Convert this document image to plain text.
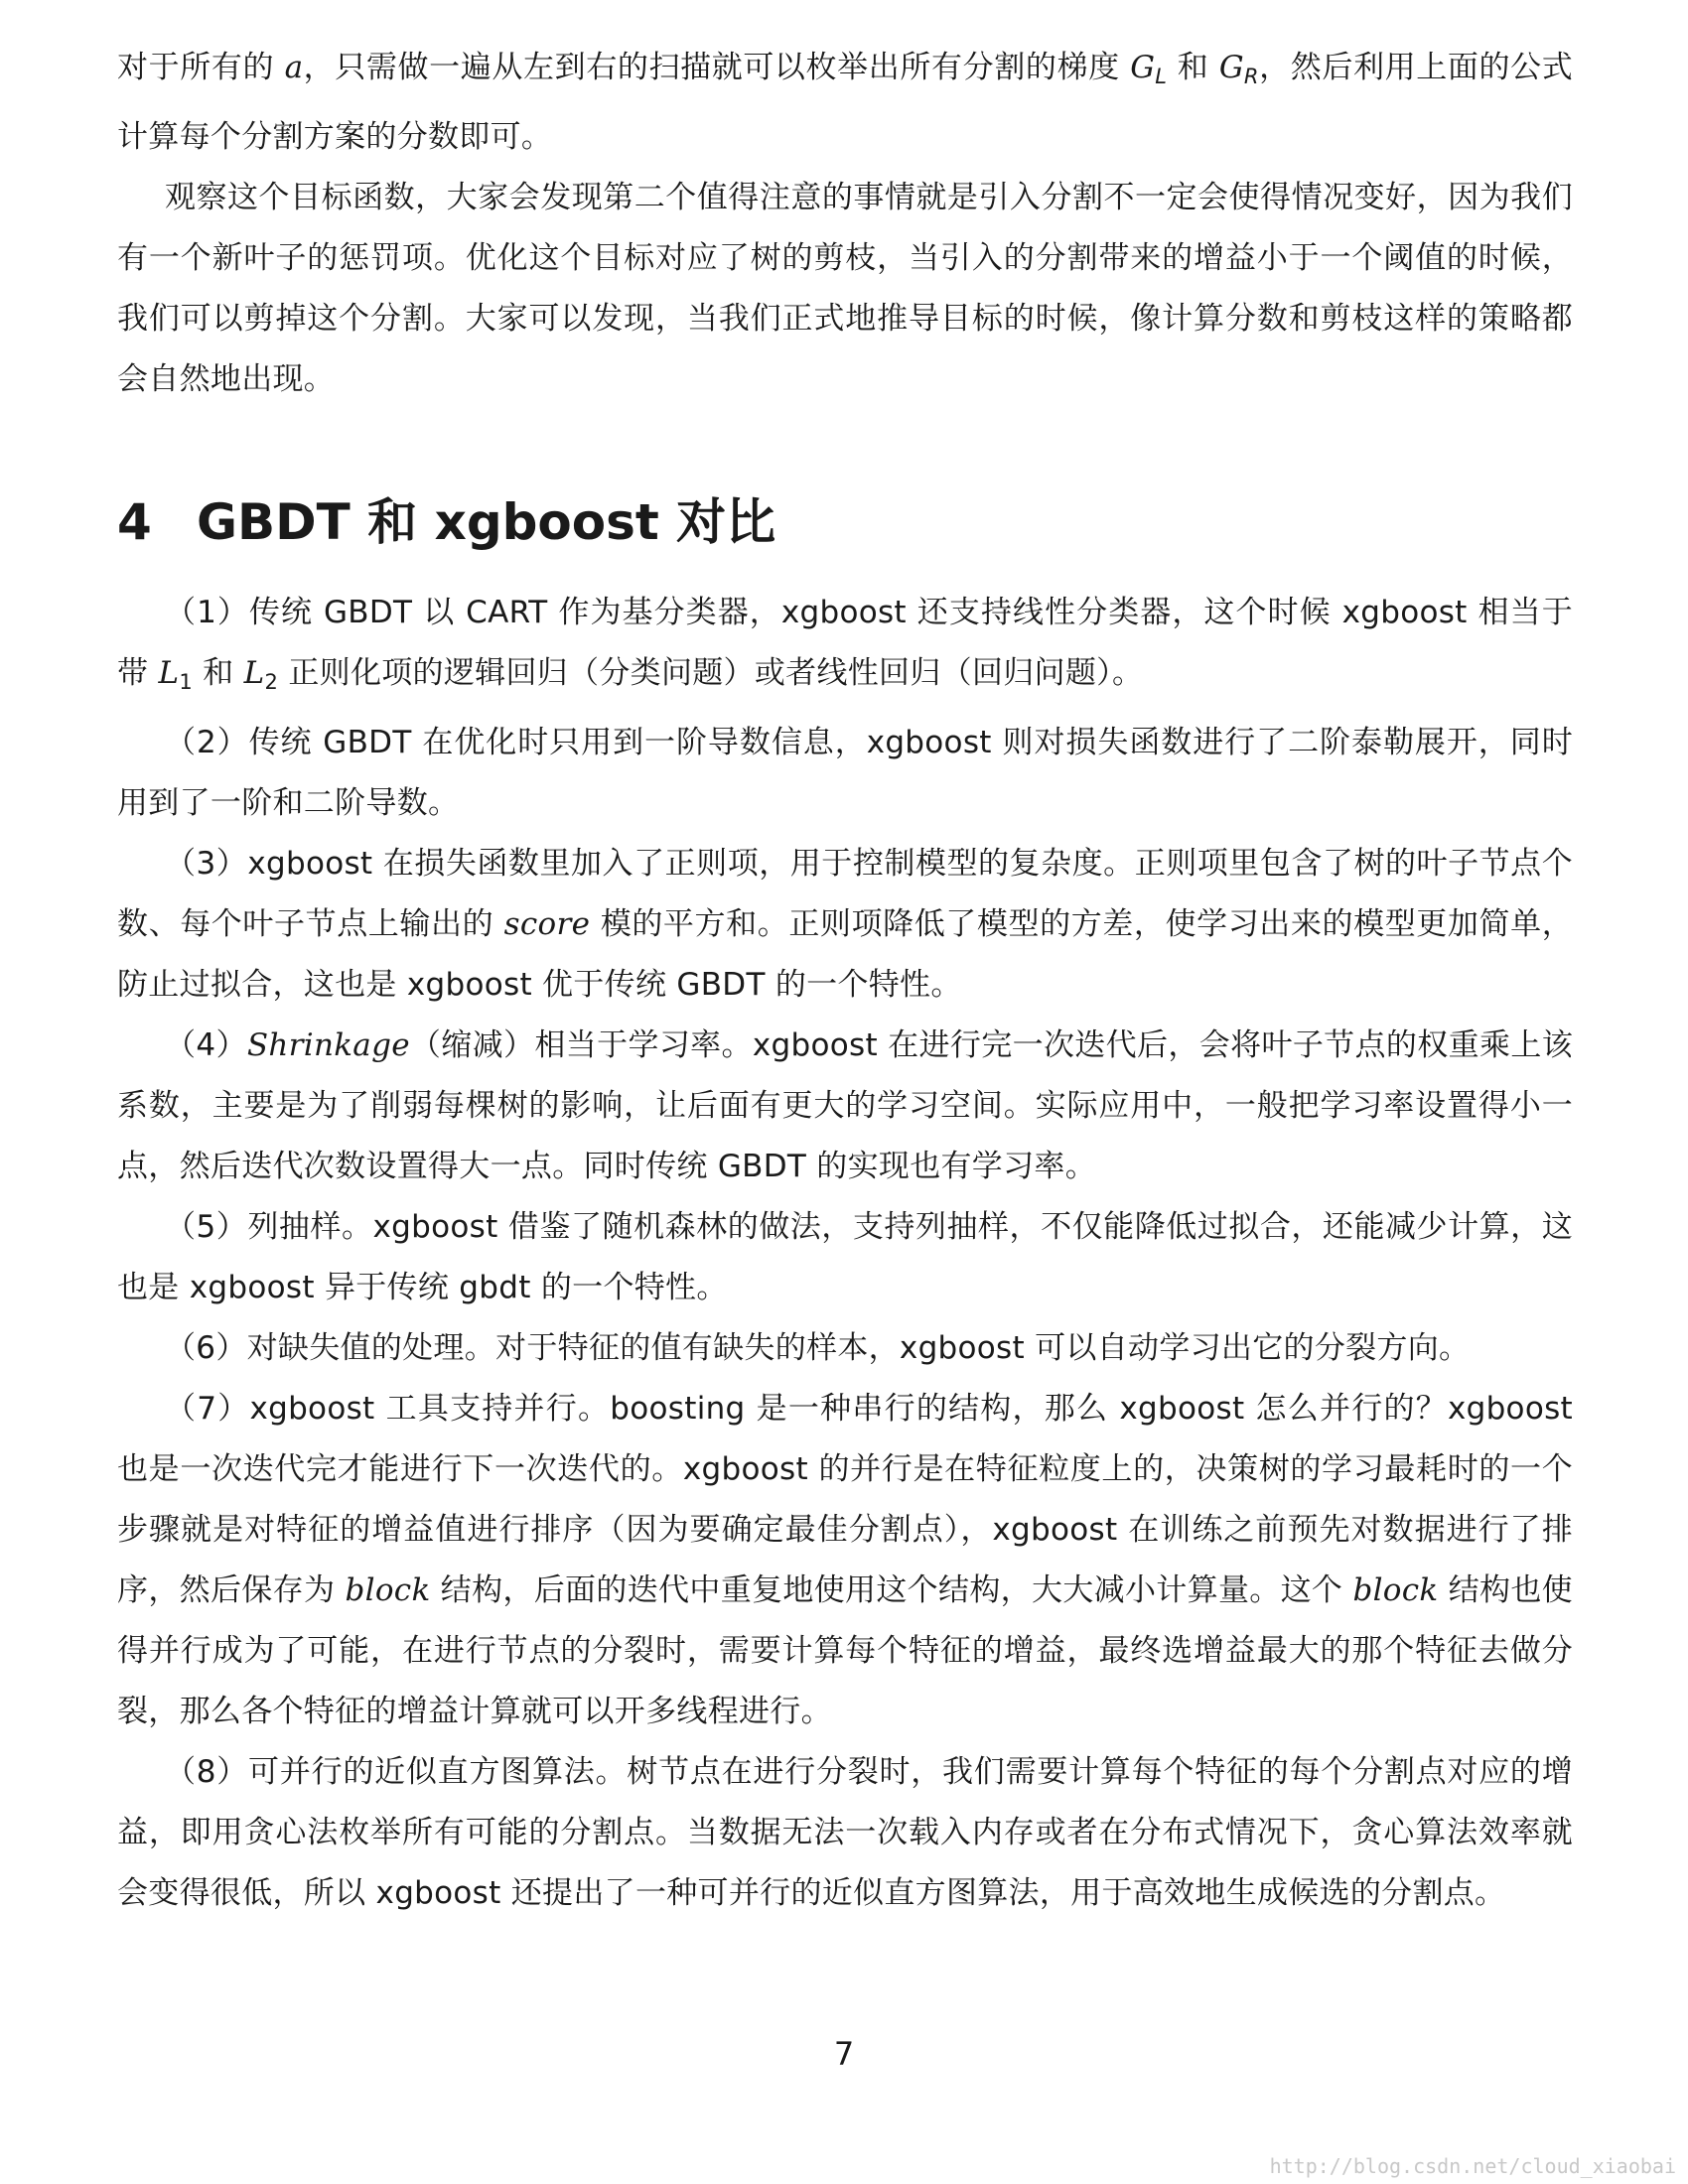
对于所有的 a，只需做一遍从左到右的扫描就可以枚举出所有分割的梯度 $G_L$ 和 $G_R$，然后利用上面的公式计算每个分割方案的分数即可。

观察这个目标函数，大家会发现第二个值得注意的事情就是引入分割不一定会使得情况变好，因为我们有一个新叶子的惩罚项。优化这个目标对应了树的剪枝，当引入的分割带来的增益小于一个阈值的时候，我们可以剪掉这个分割。大家可以发现，当我们正式地推导目标的时候，像计算分数和剪枝这样的策略都会自然地出现。

4 GBDT 和 xgboost 对比

（1）传统 GBDT 以 CART 作为基分类器，xgboost 还支持线性分类器，这个时候 xgboost 相当于带 L1 和 L2 正则化项的逻辑回归（分类问题）或者线性回归（回归问题）。

（2）传统 GBDT 在优化时只用到一阶导数信息，xgboost 则对损失函数进行了二阶泰勒展开，同时用到了一阶和二阶导数。

（3）xgboost 在损失函数里加入了正则项，用于控制模型的复杂度。正则项里包含了树的叶子节点个数、每个叶子节点上输出的 score 模的平方和。正则项降低了模型的方差，使学习出来的模型更加简单，防止过拟合，这也是 xgboost 优于传统 GBDT 的一个特性。

（4）Shrinkage（缩减）相当于学习率。xgboost 在进行完一次迭代后，会将叶子节点的权重乘上该系数，主要是为了削弱每棵树的影响，让后面有更大的学习空间。实际应用中，一般把学习率设置得小一点，然后迭代次数设置得大一点。同时传统 GBDT 的实现也有学习率。

（5）列抽样。xgboost 借鉴了随机森林的做法，支持列抽样，不仅能降低过拟合，还能减少计算，这也是 xgboost 异于传统 gbdt 的一个特性。

（6）对缺失值的处理。对于特征的值有缺失的样本，xgboost 可以自动学习出它的分裂方向。

（7）xgboost 工具支持并行。boosting 是一种串行的结构，那么 xgboost 怎么并行的？xgboost 也是一次迭代完才能进行下一次迭代的。xgboost 的并行是在特征粒度上的，决策树的学习最耗时的一个步骤就是对特征的增益值进行排序（因为要确定最佳分割点），xgboost 在训练之前预先对数据进行了排序，然后保存为 block 结构，后面的迭代中重复地使用这个结构，大大减小计算量。这个 block 结构也使得并行成为了可能，在进行节点的分裂时，需要计算每个特征的增益，最终选增益最大的那个特征去做分裂，那么各个特征的增益计算就可以开多线程进行。

（8）可并行的近似直方图算法。树节点在进行分裂时，我们需要计算每个特征的每个分割点对应的增益，即用贪心法枚举所有可能的分割点。当数据无法一次载入内存或者在分布式情况下，贪心算法效率就会变得很低，所以 xgboost 还提出了一种可并行的近似直方图算法，用于高效地生成候选的分割点。

7
http://blog.csdn.net/cloud_xiaobai
